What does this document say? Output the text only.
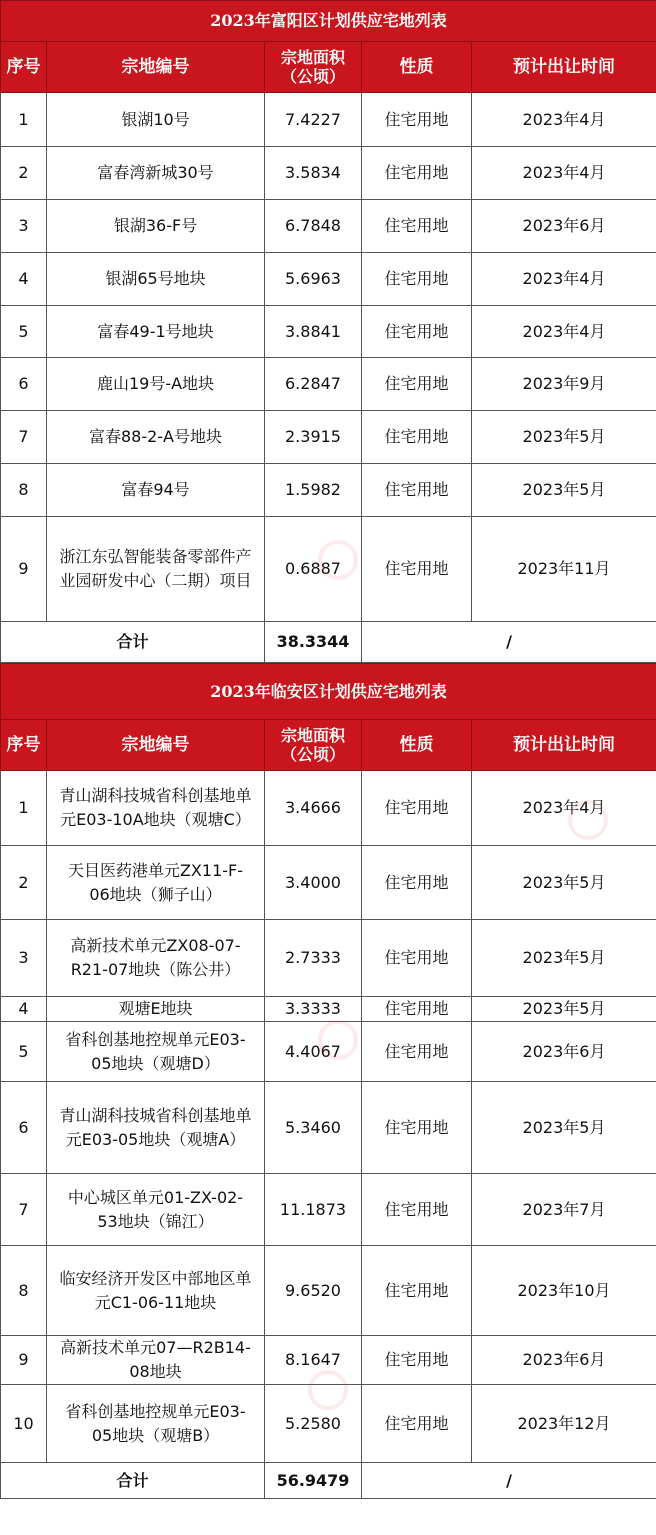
2023年富阳区计划供应宅地列表				
序号	宗地编号	宗地面积（公顷）	性质	预计出让时间
1	银湖10号	7.4227	住宅用地	2023年4月
2	富春湾新城30号	3.5834	住宅用地	2023年4月
3	银湖36-F号	6.7848	住宅用地	2023年6月
4	银湖65号地块	5.6963	住宅用地	2023年4月
5	富春49-1号地块	3.8841	住宅用地	2023年4月
6	鹿山19号-A地块	6.2847	住宅用地	2023年9月
7	富春88-2-A号地块	2.3915	住宅用地	2023年5月
8	富春94号	1.5982	住宅用地	2023年5月
9	浙江东弘智能装备零部件产业园研发中心（二期）项目	0.6887	住宅用地	2023年11月
合计		38.3344	/	
2023年临安区计划供应宅地列表				
序号	宗地编号	宗地面积（公顷）	性质	预计出让时间
1	青山湖科技城省科创基地单元E03-10A地块（观塘C）	3.4666	住宅用地	2023年4月
2	天目医药港单元ZX11-F-06地块（狮子山）	3.4000	住宅用地	2023年5月
3	高新技术单元ZX08-07-R21-07地块（陈公井）	2.7333	住宅用地	2023年5月
4	观塘E地块	3.3333	住宅用地	2023年5月
5	省科创基地控规单元E03-05地块（观塘D）	4.4067	住宅用地	2023年6月
6	青山湖科技城省科创基地单元E03-05地块（观塘A）	5.3460	住宅用地	2023年5月
7	中心城区单元01-ZX-02-53地块（锦江）	11.1873	住宅用地	2023年7月
8	临安经济开发区中部地区单元C1-06-11地块	9.6520	住宅用地	2023年10月
9	高新技术单元07—R2B14-08地块	8.1647	住宅用地	2023年6月
10	省科创基地控规单元E03-05地块（观塘B）	5.2580	住宅用地	2023年12月
合计		56.9479	/	
